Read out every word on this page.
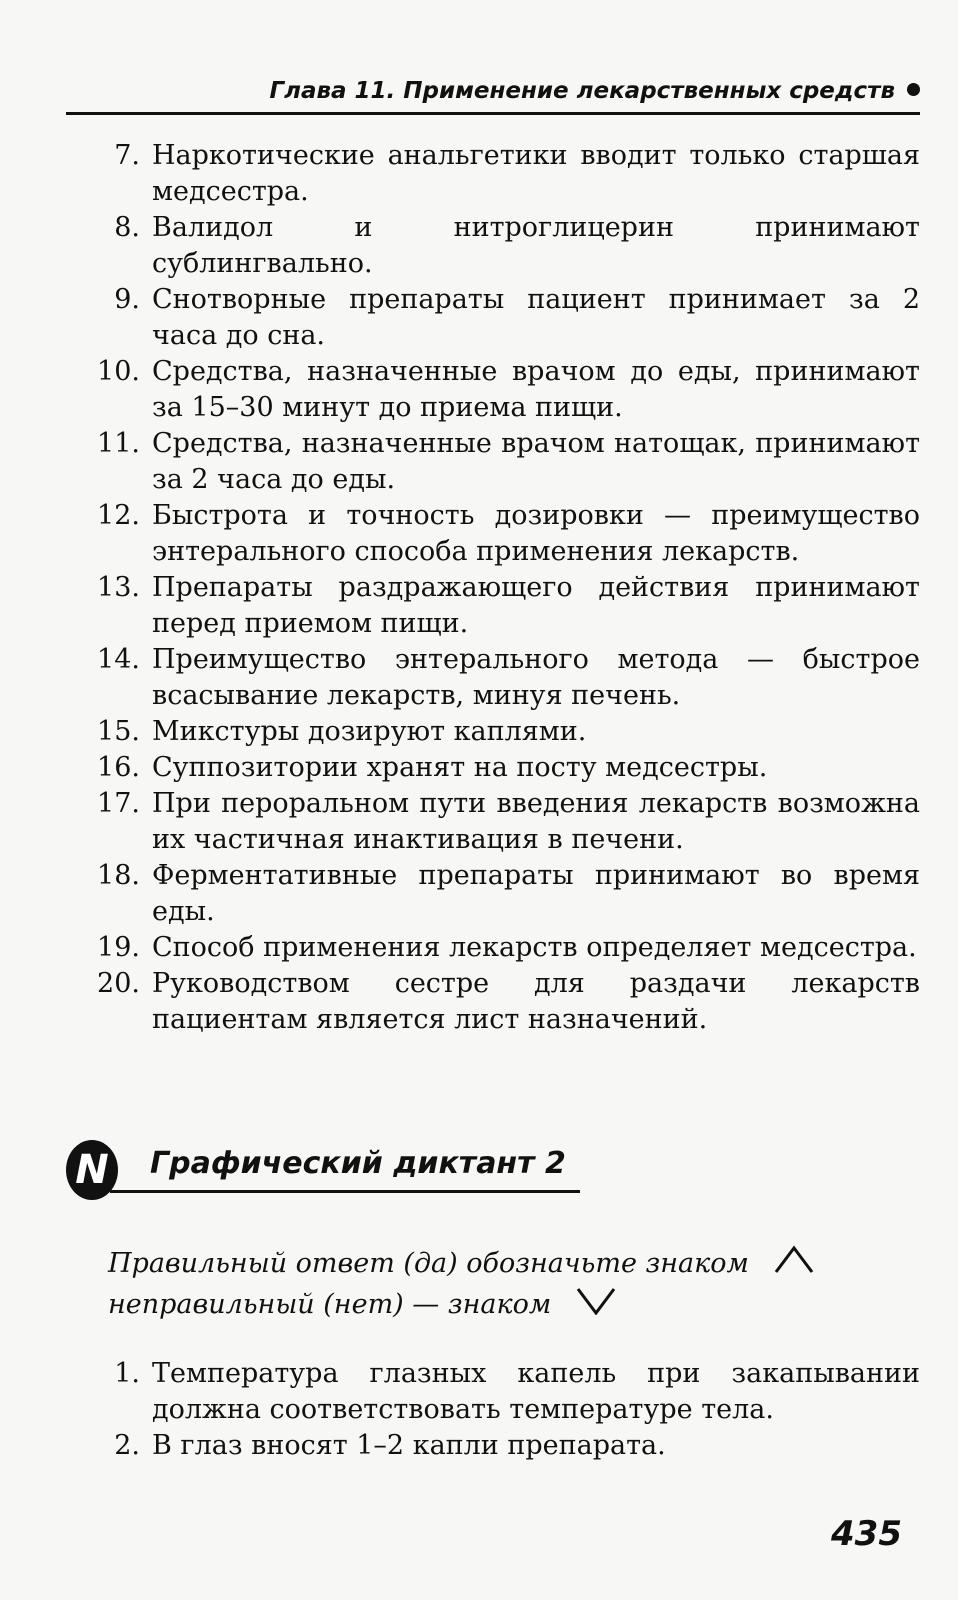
Глава 11. Применение лекарственных средств
7. Наркотические анальгетики вводит только старшая медсестра.
8. Валидол и нитроглицерин принимают сублингвально.
9. Снотворные препараты пациент принимает за 2 часа до сна.
10. Средства, назначенные врачом до еды, принимают за 15–30 минут до приема пищи.
11. Средства, назначенные врачом натощак, принимают за 2 часа до еды.
12. Быстрота и точность дозировки — преимущество энтерального способа применения лекарств.
13. Препараты раздражающего действия принимают перед приемом пищи.
14. Преимущество энтерального метода — быстрое всасывание лекарств, минуя печень.
15. Микстуры дозируют каплями.
16. Суппозитории хранят на посту медсестры.
17. При пероральном пути введения лекарств возможна их частичная инактивация в печени.
18. Ферментативные препараты принимают во время еды.
19. Способ применения лекарств определяет медсестра.
20. Руководством сестре для раздачи лекарств пациентам является лист назначений.
N	Графический диктант 2
Правильный ответ (да) обозначьте знаком
неправильный (нет) — знаком
1. Температура глазных капель при закапывании должна соответствовать температуре тела.
2. В глаз вносят 1–2 капли препарата.
435
